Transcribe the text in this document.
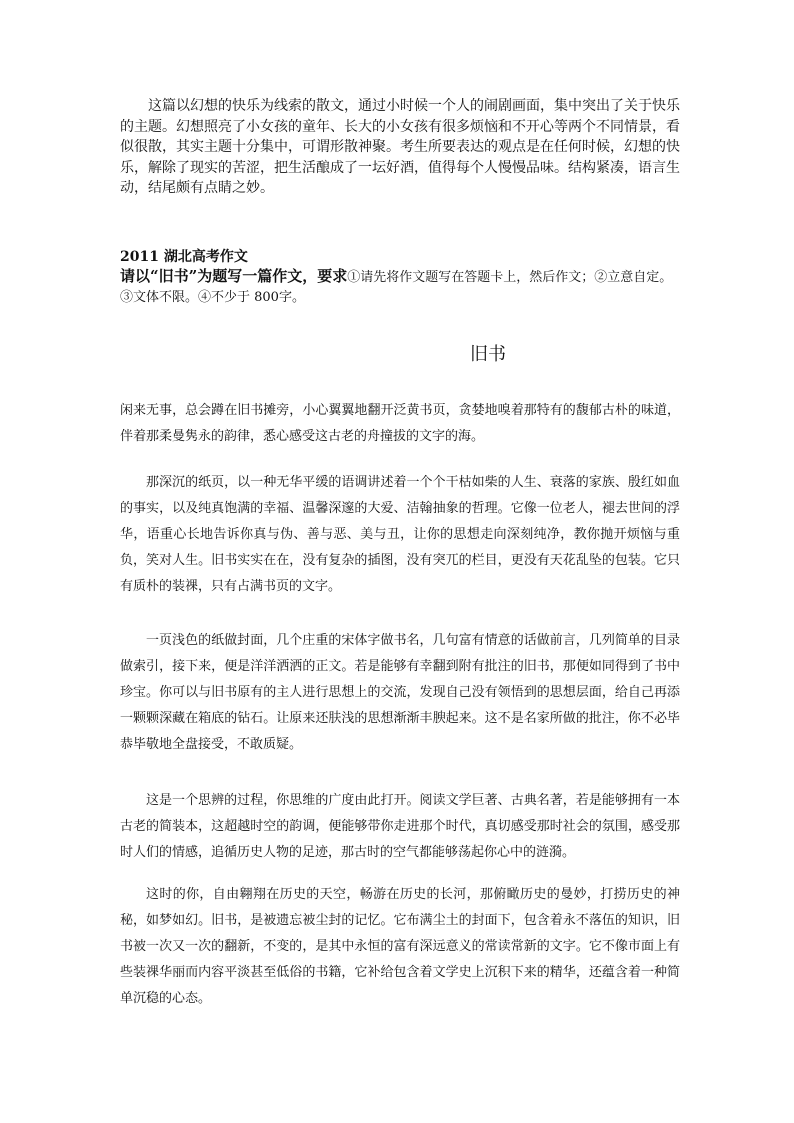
这篇以幻想的快乐为线索的散文，通过小时候一个人的闹剧画面，集中突出了关于快乐的主题。幻想照亮了小女孩的童年、长大的小女孩有很多烦恼和不开心等两个不同情景，看似很散，其实主题十分集中，可谓形散神聚。考生所要表达的观点是在任何时候，幻想的快乐，解除了现实的苦涩，把生活酿成了一坛好酒，值得每个人慢慢品味。结构紧凑，语言生动，结尾颇有点睛之妙。

2011 湖北高考作文

请以“旧书”为题写一篇作文，要求①请先将作文题写在答题卡上，然后作文；②立意自定。③文体不限。④不少于 800字。

旧书

闲来无事，总会蹲在旧书摊旁，小心翼翼地翻开泛黄书页，贪婪地嗅着那特有的馥郁古朴的味道，伴着那柔曼隽永的韵律，悉心感受这古老的舟撞拔的文字的海。

那深沉的纸页，以一种无华平缓的语调讲述着一个个干枯如柴的人生、衰落的家族、殷红如血的事实，以及纯真饱满的幸福、温馨深邃的大爱、洁翰抽象的哲理。它像一位老人，褪去世间的浮华，语重心长地告诉你真与伪、善与恶、美与丑，让你的思想走向深刻纯净，教你抛开烦恼与重负，笑对人生。旧书实实在在，没有复杂的插图，没有突兀的栏目，更没有天花乱坠的包装。它只有质朴的装祼，只有占满书页的文字。

一页浅色的纸做封面，几个庄重的宋体字做书名，几句富有情意的话做前言，几列简单的目录做索引，接下来，便是洋洋洒洒的正文。若是能够有幸翻到附有批注的旧书，那便如同得到了书中珍宝。你可以与旧书原有的主人进行思想上的交流，发现自己没有领悟到的思想层面，给自己再添一颗颗深藏在箱底的钻石。让原来还肤浅的思想渐渐丰腴起来。这不是名家所做的批注，你不必毕恭毕敬地全盘接受，不敢质疑。

这是一个思辨的过程，你思维的广度由此打开。阅读文学巨著、古典名著，若是能够拥有一本古老的简装本，这超越时空的韵调，便能够带你走进那个时代，真切感受那时社会的氛围，感受那时人们的情感，追循历史人物的足迹，那古时的空气都能够荡起你心中的涟漪。

这时的你，自由翱翔在历史的天空，畅游在历史的长河，那俯瞰历史的曼妙，打捞历史的神秘，如梦如幻。旧书，是被遗忘被尘封的记忆。它布满尘土的封面下，包含着永不落伍的知识，旧书被一次又一次的翻新，不变的，是其中永恒的富有深远意义的常读常新的文字。它不像市面上有些装祼华丽而内容平淡甚至低俗的书籍，它补给包含着文学史上沉积下来的精华，还蕴含着一种简单沉稳的心态。
